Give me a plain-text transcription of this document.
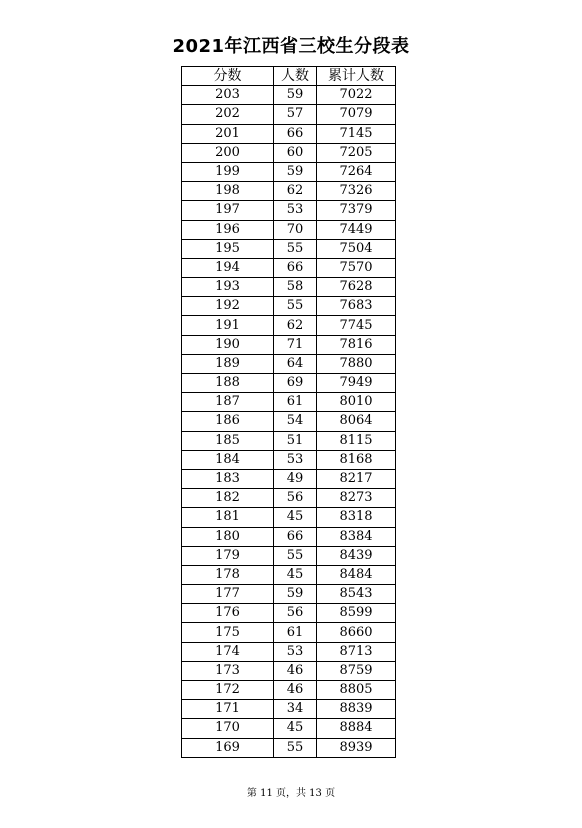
2021年江西省三校生分段表
分数	人数	累计人数
203	59	7022
202	57	7079
201	66	7145
200	60	7205
199	59	7264
198	62	7326
197	53	7379
196	70	7449
195	55	7504
194	66	7570
193	58	7628
192	55	7683
191	62	7745
190	71	7816
189	64	7880
188	69	7949
187	61	8010
186	54	8064
185	51	8115
184	53	8168
183	49	8217
182	56	8273
181	45	8318
180	66	8384
179	55	8439
178	45	8484
177	59	8543
176	56	8599
175	61	8660
174	53	8713
173	46	8759
172	46	8805
171	34	8839
170	45	8884
169	55	8939
第 11 页，共 13 页
